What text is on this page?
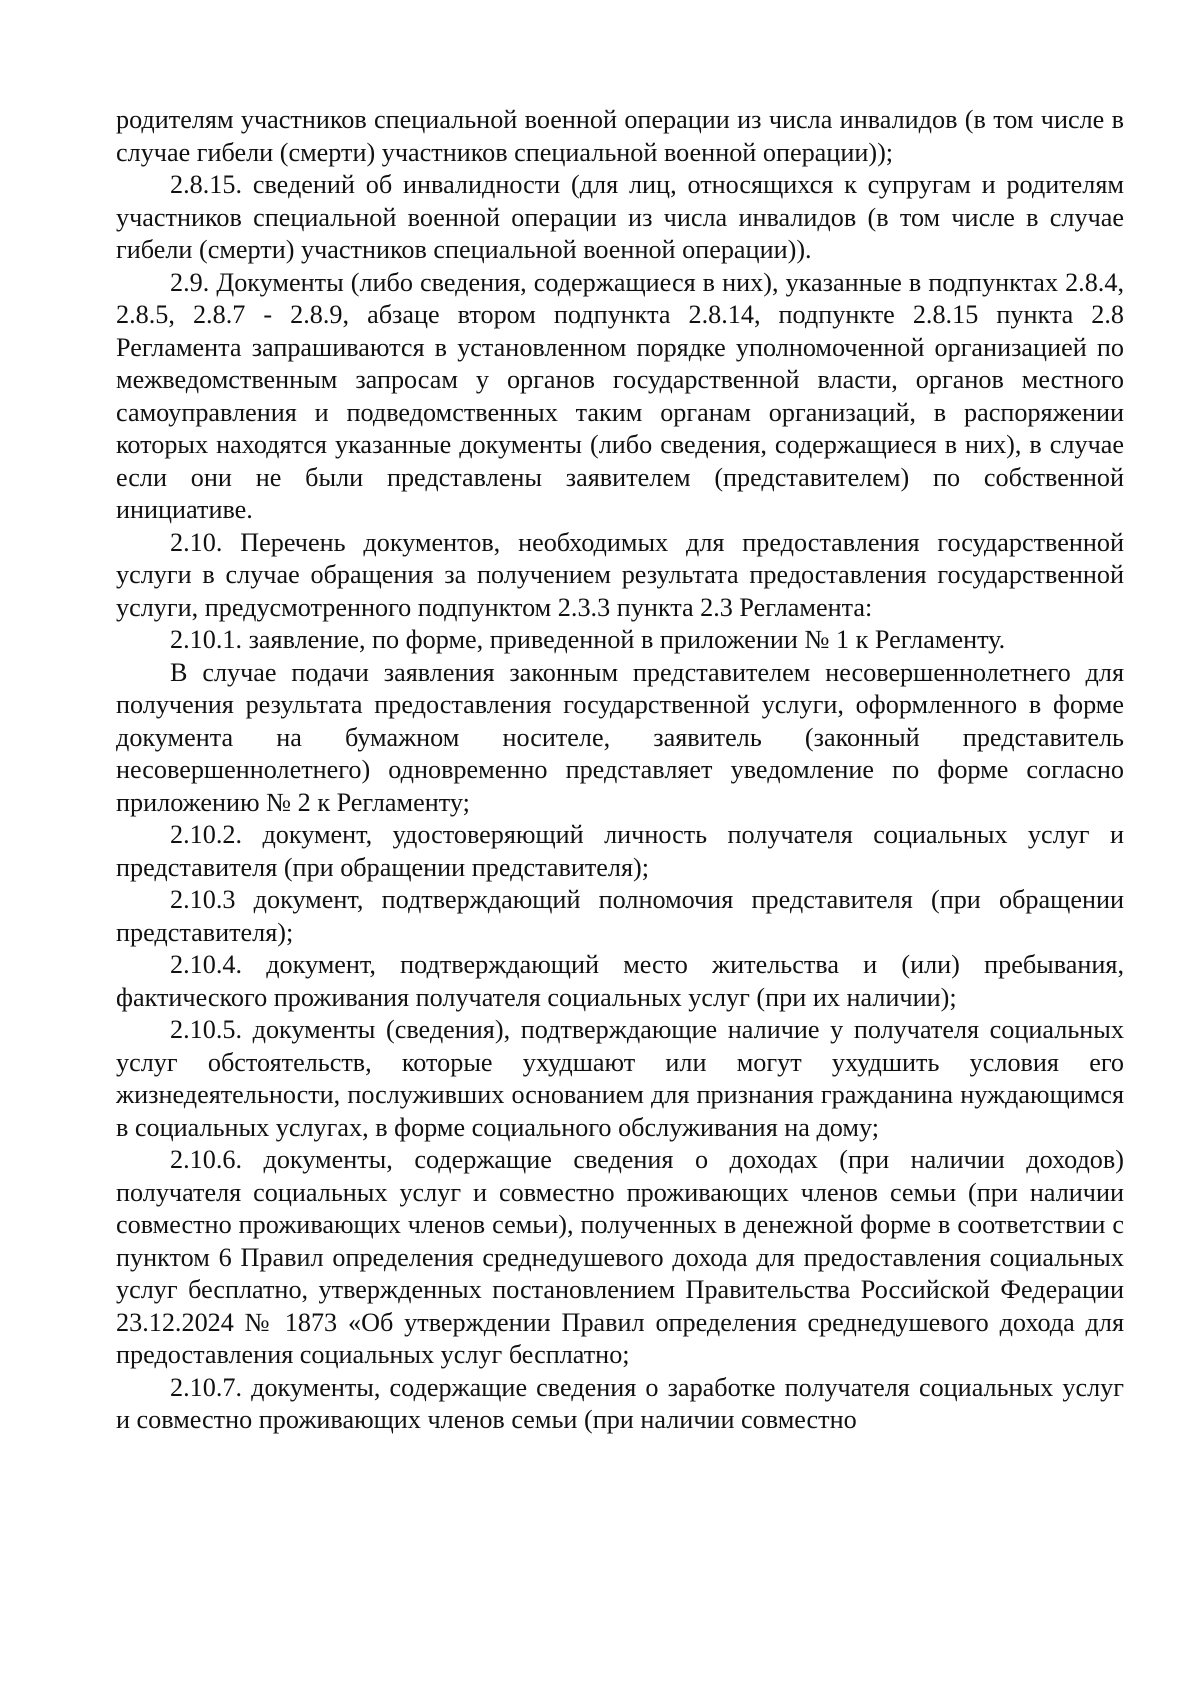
родителям участников специальной военной операции из числа инвалидов (в том числе в случае гибели (смерти) участников специальной военной операции));

2.8.15. сведений об инвалидности (для лиц, относящихся к супругам и родителям участников специальной военной операции из числа инвалидов (в том числе в случае гибели (смерти) участников специальной военной операции)).

2.9. Документы (либо сведения, содержащиеся в них), указанные в подпунктах 2.8.4, 2.8.5, 2.8.7 - 2.8.9, абзаце втором подпункта 2.8.14, подпункте 2.8.15 пункта 2.8 Регламента запрашиваются в установленном порядке уполномоченной организацией по межведомственным запросам у органов государственной власти, органов местного самоуправления и подведомственных таким органам организаций, в распоряжении которых находятся указанные документы (либо сведения, содержащиеся в них), в случае если они не были представлены заявителем (представителем) по собственной инициативе.

2.10. Перечень документов, необходимых для предоставления государственной услуги в случае обращения за получением результата предоставления государственной услуги, предусмотренного подпунктом 2.3.3 пункта 2.3 Регламента:

2.10.1. заявление, по форме, приведенной в приложении № 1 к Регламенту.

В случае подачи заявления законным представителем несовершеннолетнего для получения результата предоставления государственной услуги, оформленного в форме документа на бумажном носителе, заявитель (законный представитель несовершеннолетнего) одновременно представляет уведомление по форме согласно приложению № 2 к Регламенту;

2.10.2. документ, удостоверяющий личность получателя социальных услуг и представителя (при обращении представителя);

2.10.3 документ, подтверждающий полномочия представителя (при обращении представителя);

2.10.4. документ, подтверждающий место жительства и (или) пребывания, фактического проживания получателя социальных услуг (при их наличии);

2.10.5. документы (сведения), подтверждающие наличие у получателя социальных услуг обстоятельств, которые ухудшают или могут ухудшить условия его жизнедеятельности, послуживших основанием для признания гражданина нуждающимся в социальных услугах, в форме социального обслуживания на дому;

2.10.6. документы, содержащие сведения о доходах (при наличии доходов) получателя социальных услуг и совместно проживающих членов семьи (при наличии совместно проживающих членов семьи), полученных в денежной форме в соответствии с пунктом 6 Правил определения среднедушевого дохода для предоставления социальных услуг бесплатно, утвержденных постановлением Правительства Российской Федерации 23.12.2024 № 1873 «Об утверждении Правил определения среднедушевого дохода для предоставления социальных услуг бесплатно;

2.10.7. документы, содержащие сведения о заработке получателя социальных услуг и совместно проживающих членов семьи (при наличии совместно
